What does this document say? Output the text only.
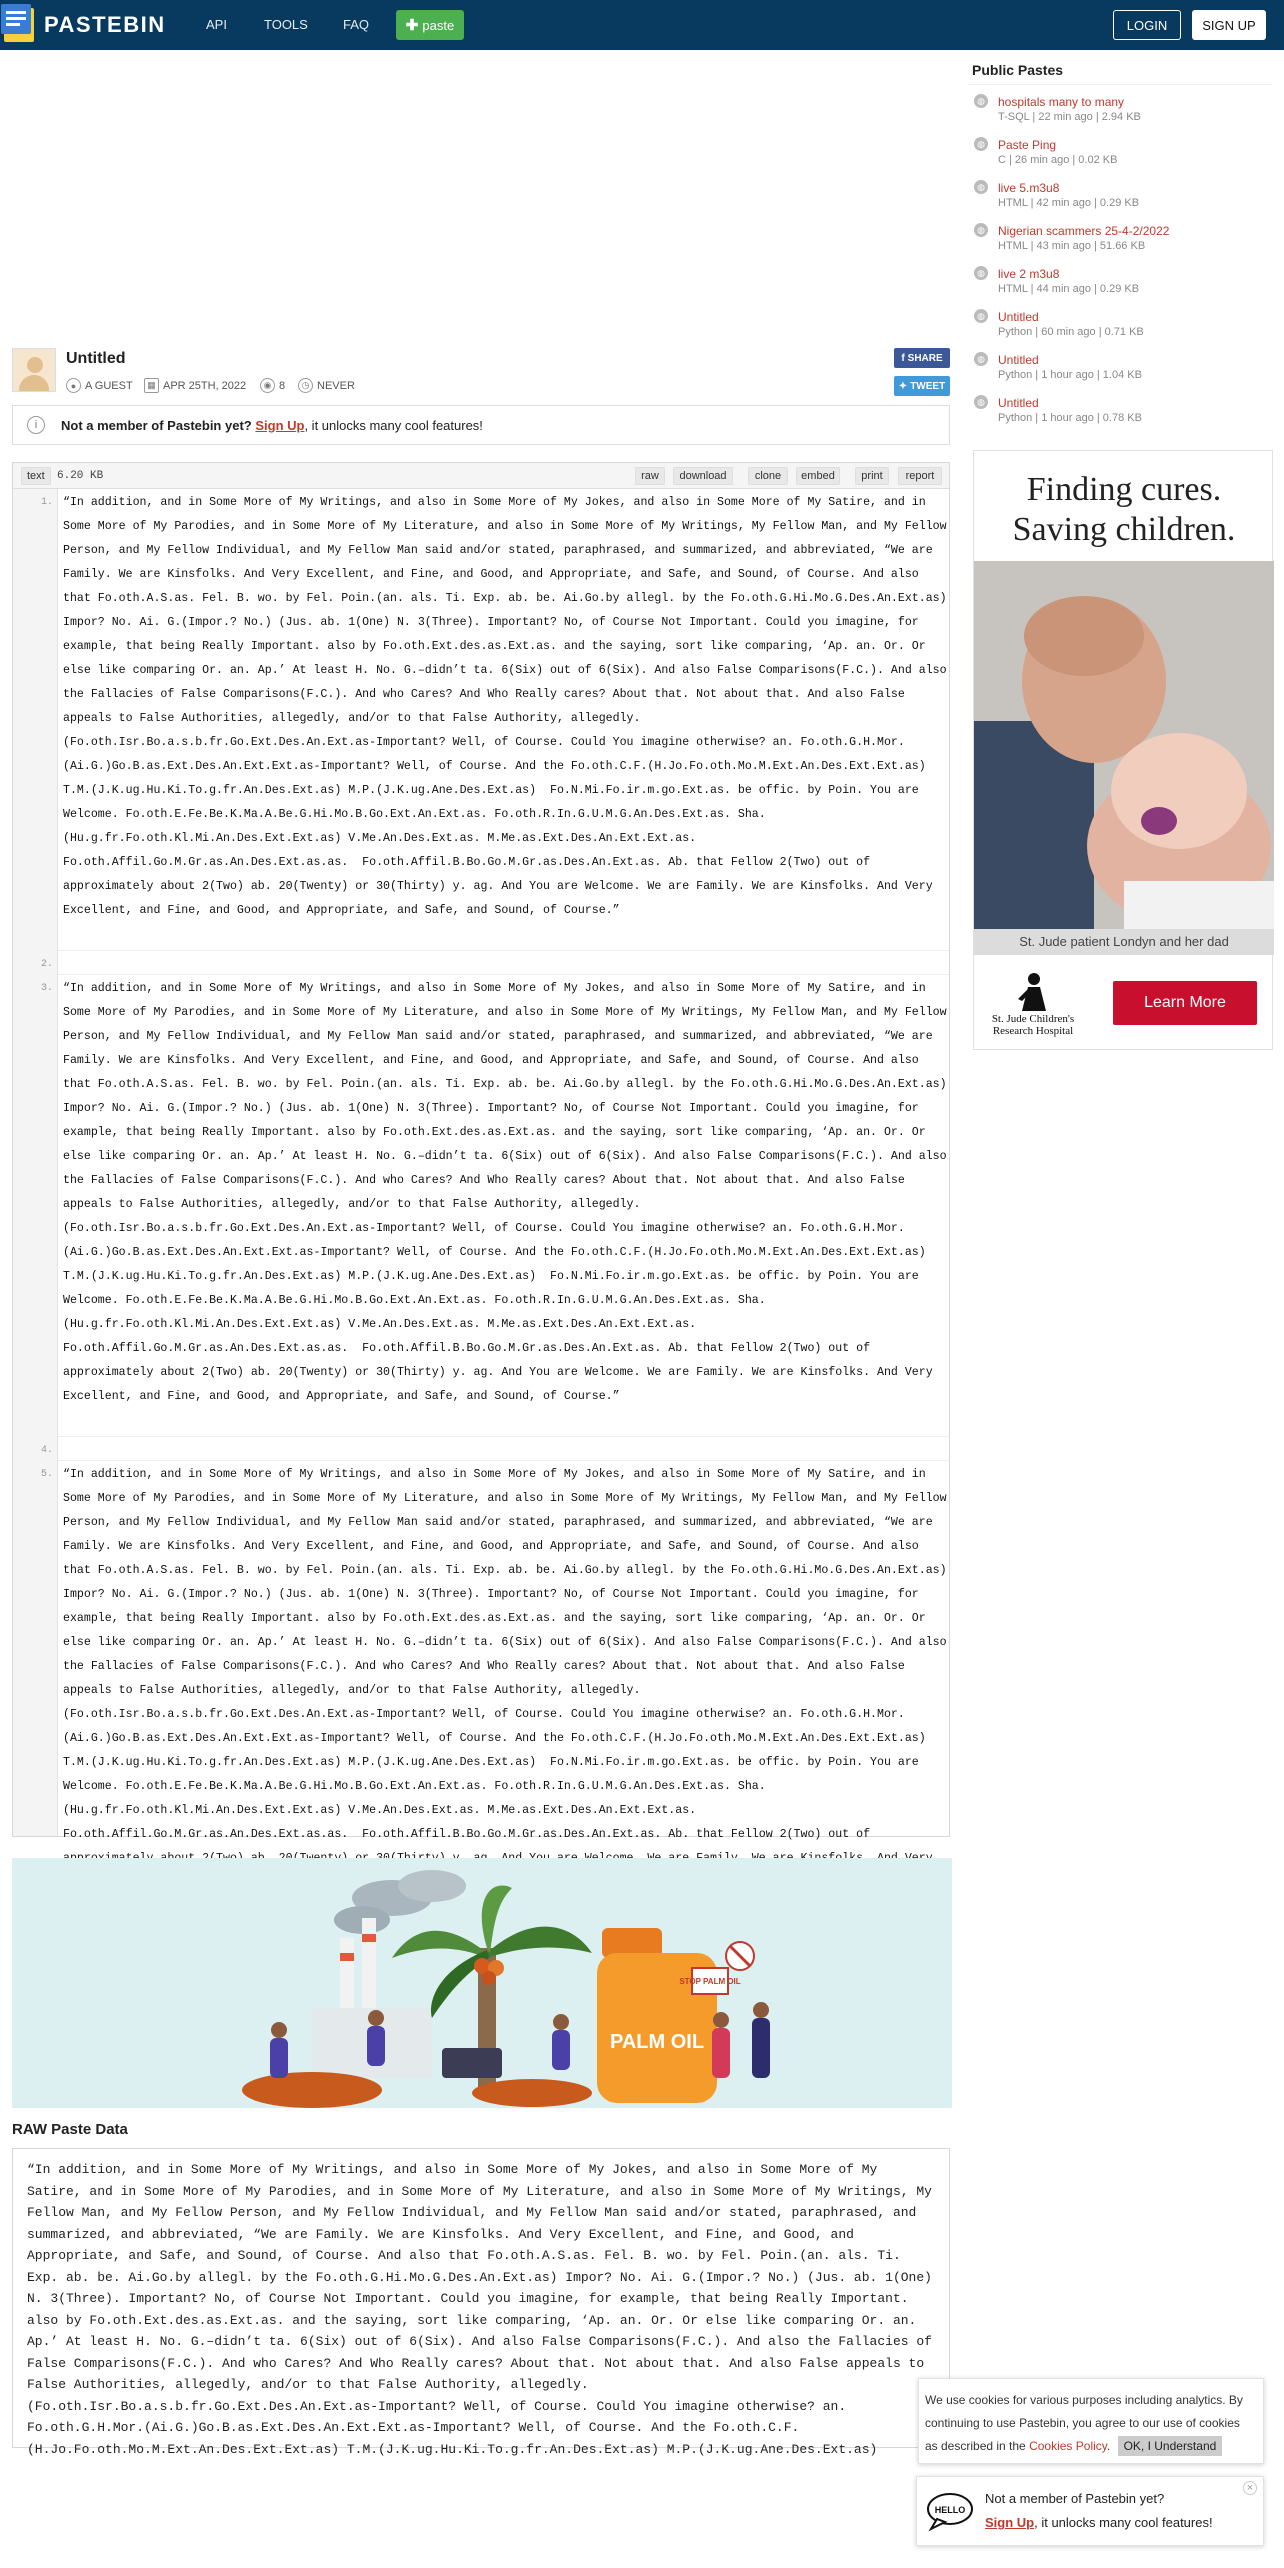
PASTEBIN	API	TOOLS	FAQ ✚ paste	LOGIN	SIGN UP
Untitled
● A GUEST	▦ APR 25TH, 2022	◉ 8	◷ NEVER
f SHARE
✦ TWEET
i	Not a member of Pastebin yet?
Sign Up , it unlocks many cool features!
text	6.20 KB	raw	download	clone	embed	print	report
1.
2.
3.
4.
5.
“In addition, and in Some More of My Writings, and also in Some More of My Jokes, and also in Some More of My Satire, and in Some More of My Parodies, and in Some More of My Literature, and also in Some More of My Writings, My Fellow Man, and My Fellow Person, and My Fellow Individual, and My Fellow Man said and/or stated, paraphrased, and summarized, and abbreviated, “We are Family. We are Kinsfolks. And Very Excellent, and Fine, and Good, and Appropriate, and Safe, and Sound, of Course. And also that Fo.oth.A.S.as. Fel. B. wo. by Fel. Poin.(an. als. Ti. Exp. ab. be. Ai.Go.by allegl. by the Fo.oth.G.Hi.Mo.G.Des.An.Ext.as) Impor? No. Ai. G.(Impor.? No.) (Jus. ab. 1(One) N. 3(Three). Important? No, of Course Not Important. Could you imagine, for example, that being Really Important. also by Fo.oth.Ext.des.as.Ext.as. and the saying, sort like comparing, ‘Ap. an. Or. Or else like comparing Or. an. Ap.’ At least H. No. G.–didn’t ta. 6(Six) out of 6(Six). And also False Comparisons(F.C.). And also the Fallacies of False Comparisons(F.C.). And who Cares? And Who Really cares? About that. Not about that. And also False appeals to False Authorities, allegedly, and/or to that False Authority, allegedly. (Fo.oth.Isr.Bo.a.s.b.fr.Go.Ext.Des.An.Ext.as-Important? Well, of Course. Could You imagine otherwise? an. Fo.oth.G.H.Mor.(Ai.G.)Go.B.as.Ext.Des.An.Ext.Ext.as-Important? Well, of Course. And the Fo.oth.C.F.(H.Jo.Fo.oth.Mo.M.Ext.An.Des.Ext.Ext.as) T.M.(J.K.ug.Hu.Ki.To.g.fr.An.Des.Ext.as) M.P.(J.K.ug.Ane.Des.Ext.as)  Fo.N.Mi.Fo.ir.m.go.Ext.as. be offic. by Poin. You are Welcome. Fo.oth.E.Fe.Be.K.Ma.A.Be.G.Hi.Mo.B.Go.Ext.An.Ext.as. Fo.oth.R.In.G.U.M.G.An.Des.Ext.as. Sha. (Hu.g.fr.Fo.oth.Kl.Mi.An.Des.Ext.Ext.as) V.Me.An.Des.Ext.as. M.Me.as.Ext.Des.An.Ext.Ext.as. Fo.oth.Affil.Go.M.Gr.as.An.Des.Ext.as.as.  Fo.oth.Affil.B.Bo.Go.M.Gr.as.Des.An.Ext.as. Ab. that Fellow 2(Two) out of approximately about 2(Two) ab. 20(Twenty) or 30(Thirty) y. ag. And You are Welcome. We are Family. We are Kinsfolks. And Very Excellent, and Fine, and Good, and Appropriate, and Safe, and Sound, of Course.”
“In addition, and in Some More of My Writings, and also in Some More of My Jokes, and also in Some More of My Satire, and in Some More of My Parodies, and in Some More of My Literature, and also in Some More of My Writings, My Fellow Man, and My Fellow Person, and My Fellow Individual, and My Fellow Man said and/or stated, paraphrased, and summarized, and abbreviated, “We are Family. We are Kinsfolks. And Very Excellent, and Fine, and Good, and Appropriate, and Safe, and Sound, of Course. And also that Fo.oth.A.S.as. Fel. B. wo. by Fel. Poin.(an. als. Ti. Exp. ab. be. Ai.Go.by allegl. by the Fo.oth.G.Hi.Mo.G.Des.An.Ext.as) Impor? No. Ai. G.(Impor.? No.) (Jus. ab. 1(One) N. 3(Three). Important? No, of Course Not Important. Could you imagine, for example, that being Really Important. also by Fo.oth.Ext.des.as.Ext.as. and the saying, sort like comparing, ‘Ap. an. Or. Or else like comparing Or. an. Ap.’ At least H. No. G.–didn’t ta. 6(Six) out of 6(Six). And also False Comparisons(F.C.). And also the Fallacies of False Comparisons(F.C.). And who Cares? And Who Really cares? About that. Not about that. And also False appeals to False Authorities, allegedly, and/or to that False Authority, allegedly. (Fo.oth.Isr.Bo.a.s.b.fr.Go.Ext.Des.An.Ext.as-Important? Well, of Course. Could You imagine otherwise? an. Fo.oth.G.H.Mor.(Ai.G.)Go.B.as.Ext.Des.An.Ext.Ext.as-Important? Well, of Course. And the Fo.oth.C.F.(H.Jo.Fo.oth.Mo.M.Ext.An.Des.Ext.Ext.as) T.M.(J.K.ug.Hu.Ki.To.g.fr.An.Des.Ext.as) M.P.(J.K.ug.Ane.Des.Ext.as)  Fo.N.Mi.Fo.ir.m.go.Ext.as. be offic. by Poin. You are Welcome. Fo.oth.E.Fe.Be.K.Ma.A.Be.G.Hi.Mo.B.Go.Ext.An.Ext.as. Fo.oth.R.In.G.U.M.G.An.Des.Ext.as. Sha. (Hu.g.fr.Fo.oth.Kl.Mi.An.Des.Ext.Ext.as) V.Me.An.Des.Ext.as. M.Me.as.Ext.Des.An.Ext.Ext.as. Fo.oth.Affil.Go.M.Gr.as.An.Des.Ext.as.as.  Fo.oth.Affil.B.Bo.Go.M.Gr.as.Des.An.Ext.as. Ab. that Fellow 2(Two) out of approximately about 2(Two) ab. 20(Twenty) or 30(Thirty) y. ag. And You are Welcome. We are Family. We are Kinsfolks. And Very Excellent, and Fine, and Good, and Appropriate, and Safe, and Sound, of Course.”
“In addition, and in Some More of My Writings, and also in Some More of My Jokes, and also in Some More of My Satire, and in Some More of My Parodies, and in Some More of My Literature, and also in Some More of My Writings, My Fellow Man, and My Fellow Person, and My Fellow Individual, and My Fellow Man said and/or stated, paraphrased, and summarized, and abbreviated, “We are Family. We are Kinsfolks. And Very Excellent, and Fine, and Good, and Appropriate, and Safe, and Sound, of Course. And also that Fo.oth.A.S.as. Fel. B. wo. by Fel. Poin.(an. als. Ti. Exp. ab. be. Ai.Go.by allegl. by the Fo.oth.G.Hi.Mo.G.Des.An.Ext.as) Impor? No. Ai. G.(Impor.? No.) (Jus. ab. 1(One) N. 3(Three). Important? No, of Course Not Important. Could you imagine, for example, that being Really Important. also by Fo.oth.Ext.des.as.Ext.as. and the saying, sort like comparing, ‘Ap. an. Or. Or else like comparing Or. an. Ap.’ At least H. No. G.–didn’t ta. 6(Six) out of 6(Six). And also False Comparisons(F.C.). And also the Fallacies of False Comparisons(F.C.). And who Cares? And Who Really cares? About that. Not about that. And also False appeals to False Authorities, allegedly, and/or to that False Authority, allegedly. (Fo.oth.Isr.Bo.a.s.b.fr.Go.Ext.Des.An.Ext.as-Important? Well, of Course. Could You imagine otherwise? an. Fo.oth.G.H.Mor.(Ai.G.)Go.B.as.Ext.Des.An.Ext.Ext.as-Important? Well, of Course. And the Fo.oth.C.F.(H.Jo.Fo.oth.Mo.M.Ext.An.Des.Ext.Ext.as) T.M.(J.K.ug.Hu.Ki.To.g.fr.An.Des.Ext.as) M.P.(J.K.ug.Ane.Des.Ext.as)  Fo.N.Mi.Fo.ir.m.go.Ext.as. be offic. by Poin. You are Welcome. Fo.oth.E.Fe.Be.K.Ma.A.Be.G.Hi.Mo.B.Go.Ext.An.Ext.as. Fo.oth.R.In.G.U.M.G.An.Des.Ext.as. Sha. (Hu.g.fr.Fo.oth.Kl.Mi.An.Des.Ext.Ext.as) V.Me.An.Des.Ext.as. M.Me.as.Ext.Des.An.Ext.Ext.as. Fo.oth.Affil.Go.M.Gr.as.An.Des.Ext.as.as.  Fo.oth.Affil.B.Bo.Go.M.Gr.as.Des.An.Ext.as. Ab. that Fellow 2(Two) out of
PALM OIL
STOP PALM OIL
RAW Paste Data
“In addition, and in Some More of My Writings, and also in Some More of My Jokes, and also in Some More of My Satire, and in Some More of My Parodies, and in Some More of My Literature, and also in Some More of My Writings, My Fellow Man, and My Fellow Person, and My Fellow Individual, and My Fellow Man said and/or stated, paraphrased, and summarized, and abbreviated, “We are Family. We are Kinsfolks. And Very Excellent, and Fine, and Good, and Appropriate, and Safe, and Sound, of Course. And also that Fo.oth.A.S.as. Fel. B. wo. by Fel. Poin.(an. als. Ti. Exp. ab. be. Ai.Go.by allegl. by the Fo.oth.G.Hi.Mo.G.Des.An.Ext.as) Impor? No. Ai. G.(Impor.? No.) (Jus. ab. 1(One) N. 3(Three). Important? No, of Course Not Important. Could you imagine, for example, that being Really Important. also by Fo.oth.Ext.des.as.Ext.as. and the saying, sort like comparing, ‘Ap. an. Or. Or else like comparing Or. an. Ap.’ At least H. No. G.–didn’t ta. 6(Six) out of 6(Six). And also False Comparisons(F.C.). And also the Fallacies of False Comparisons(F.C.). And who Cares? And Who Really cares? About that. Not about that. And also False appeals to False Authorities, allegedly, and/or to that False Authority, allegedly. (Fo.oth.Isr.Bo.a.s.b.fr.Go.Ext.Des.An.Ext.as-Important? Well, of Course. Could You imagine otherwise? an. Fo.oth.G.H.Mor.(Ai.G.)Go.B.as.Ext.Des.An.Ext.Ext.as-Important? Well, of Course. And the Fo.oth.C.F.(H.Jo.Fo.oth.Mo.M.Ext.An.Des.Ext.Ext.as) T.M.(J.K.ug.Hu.Ki.To.g.fr.An.Des.Ext.as) M.P.(J.K.ug.Ane.Des.Ext.as)
Public Pastes
◍ hospitals many to many
T-SQL | 22 min ago | 2.94 KB
◍ Paste Ping
C | 26 min ago | 0.02 KB
◍ live 5.m3u8
HTML | 42 min ago | 0.29 KB
◍ Nigerian scammers 25-4-2/2022
HTML | 43 min ago | 51.66 KB
◍ live 2 m3u8
HTML | 44 min ago | 0.29 KB
◍ Untitled
Python | 60 min ago | 0.71 KB
◍ Untitled
Python | 1 hour ago | 1.04 KB
◍ Untitled
Python | 1 hour ago | 0.78 KB
Finding cures.
Saving children.
St. Jude patient Londyn and her dad
St. Jude Children's Research Hospital
Learn More
We use cookies for various purposes including analytics. By continuing to use Pastebin, you agree to our use of cookies as described in the Cookies Policy. OK, I Understand
×
HELLO
Not a member of Pastebin yet?
Sign Up, it unlocks many cool features!
